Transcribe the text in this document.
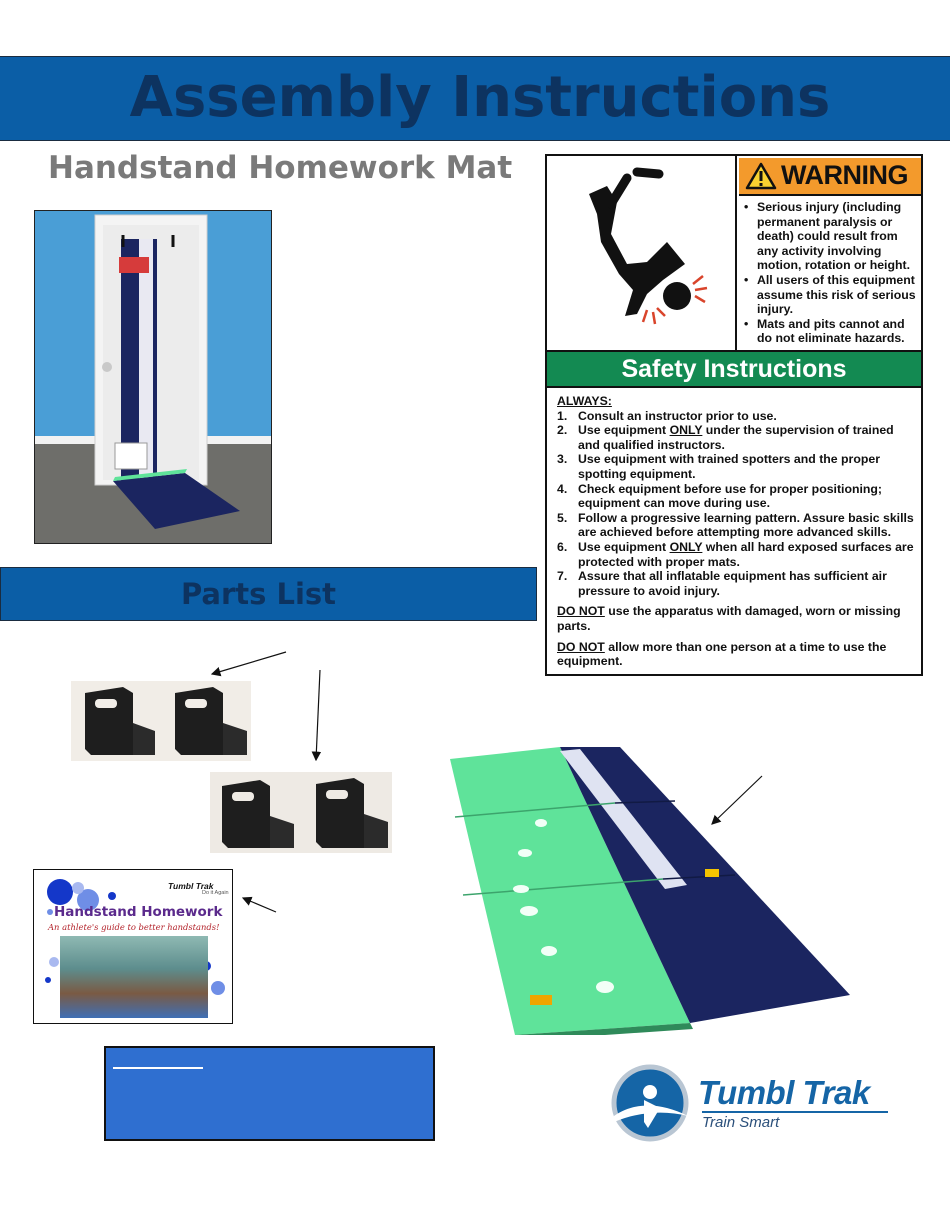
Assembly Instructions
Handstand Homework Mat
Parts List
WARNING
• Serious injury (including permanent paralysis or death) could result from any activity involving motion, rotation or height.
• All users of this equipment assume this risk of serious injury.
• Mats and pits cannot and do not eliminate hazards.
Safety Instructions
ALWAYS:
1. Consult an instructor prior to use.
2. Use equipment ONLY under the supervision of trained and qualified instructors.
3. Use equipment with trained spotters and the proper spotting equipment.
4. Check equipment before use for proper positioning; equipment can move during use.
5. Follow a progressive learning pattern. Assure basic skills are achieved before attempting more advanced skills.
6. Use equipment ONLY when all hard exposed surfaces are protected with proper mats.
7. Assure that all inflatable equipment has sufficient air pressure to avoid injury.
DO NOT use the apparatus with damaged, worn or missing parts.
DO NOT allow more than one person at a time to use the equipment.
Tumbl Trak
Do it Again
Handstand Homework
An athlete's guide to better handstands!
Tumbl Trak
Train Smart
